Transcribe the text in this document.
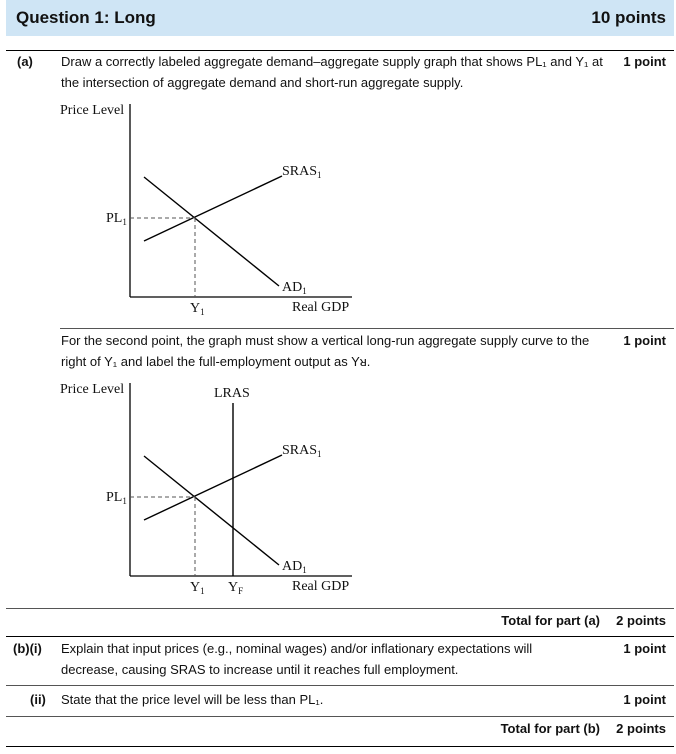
Question 1: Long	10 points
(a) Draw a correctly labeled aggregate demand–aggregate supply graph that shows PL₁ and Y₁ at the intersection of aggregate demand and short-run aggregate supply.
1 point
Price Level
$SRAS_1$
$AD_1$
$PL_1$
$Y_1$	Real GDP
For the second point, the graph must show a vertical long-run aggregate supply curve to the right of Y₁ and label the full-employment output as Yᴚ.
1 point
Price Level	LRAS
$SRAS_1$
$AD_1$
$PL_1$
$Y_1$ $Y_F$	Real GDP
Total for part (a)	2 points
(b)(i) Explain that input prices (e.g., nominal wages) and/or inflationary expectations will decrease, causing SRAS to increase until it reaches full employment.
1 point
(ii) State that the price level will be less than PL₁.	1 point
Total for part (b)	2 points
